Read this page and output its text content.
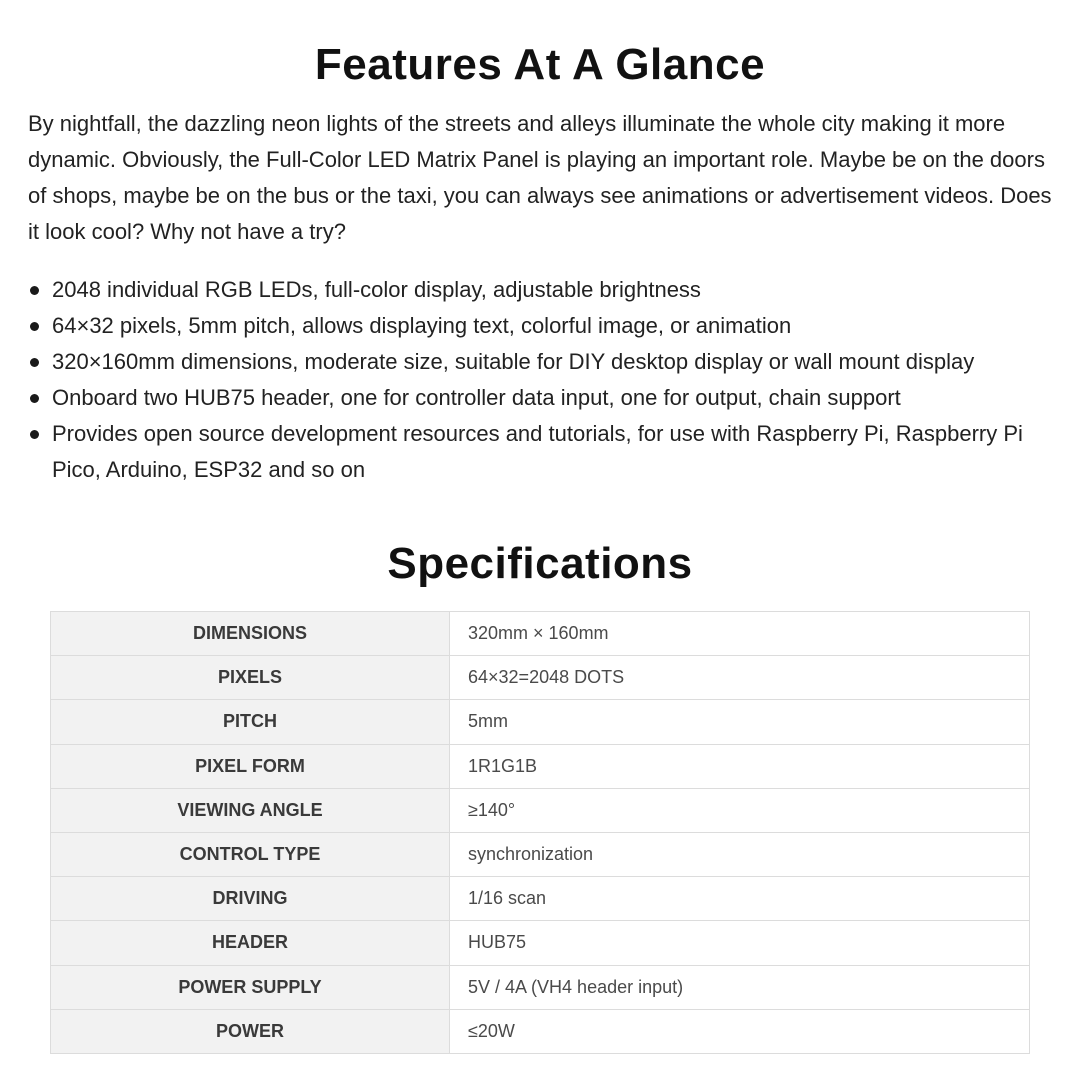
Features At A Glance

By nightfall, the dazzling neon lights of the streets and alleys illuminate the whole city making it more dynamic. Obviously, the Full-Color LED Matrix Panel is playing an important role. Maybe be on the doors of shops, maybe be on the bus or the taxi, you can always see animations or advertisement videos. Does it look cool? Why not have a try?

2048 individual RGB LEDs, full-color display, adjustable brightness
64×32 pixels, 5mm pitch, allows displaying text, colorful image, or animation
320×160mm dimensions, moderate size, suitable for DIY desktop display or wall mount display
Onboard two HUB75 header, one for controller data input, one for output, chain support
Provides open source development resources and tutorials, for use with Raspberry Pi, Raspberry Pi Pico, Arduino, ESP32 and so on
Specifications
DIMENSIONS	320mm × 160mm
PIXELS	64×32=2048 DOTS
PITCH	5mm
PIXEL FORM	1R1G1B
VIEWING ANGLE	≥140°
CONTROL TYPE	synchronization
DRIVING	1/16 scan
HEADER	HUB75
POWER SUPPLY	5V / 4A (VH4 header input)
POWER	≤20W
